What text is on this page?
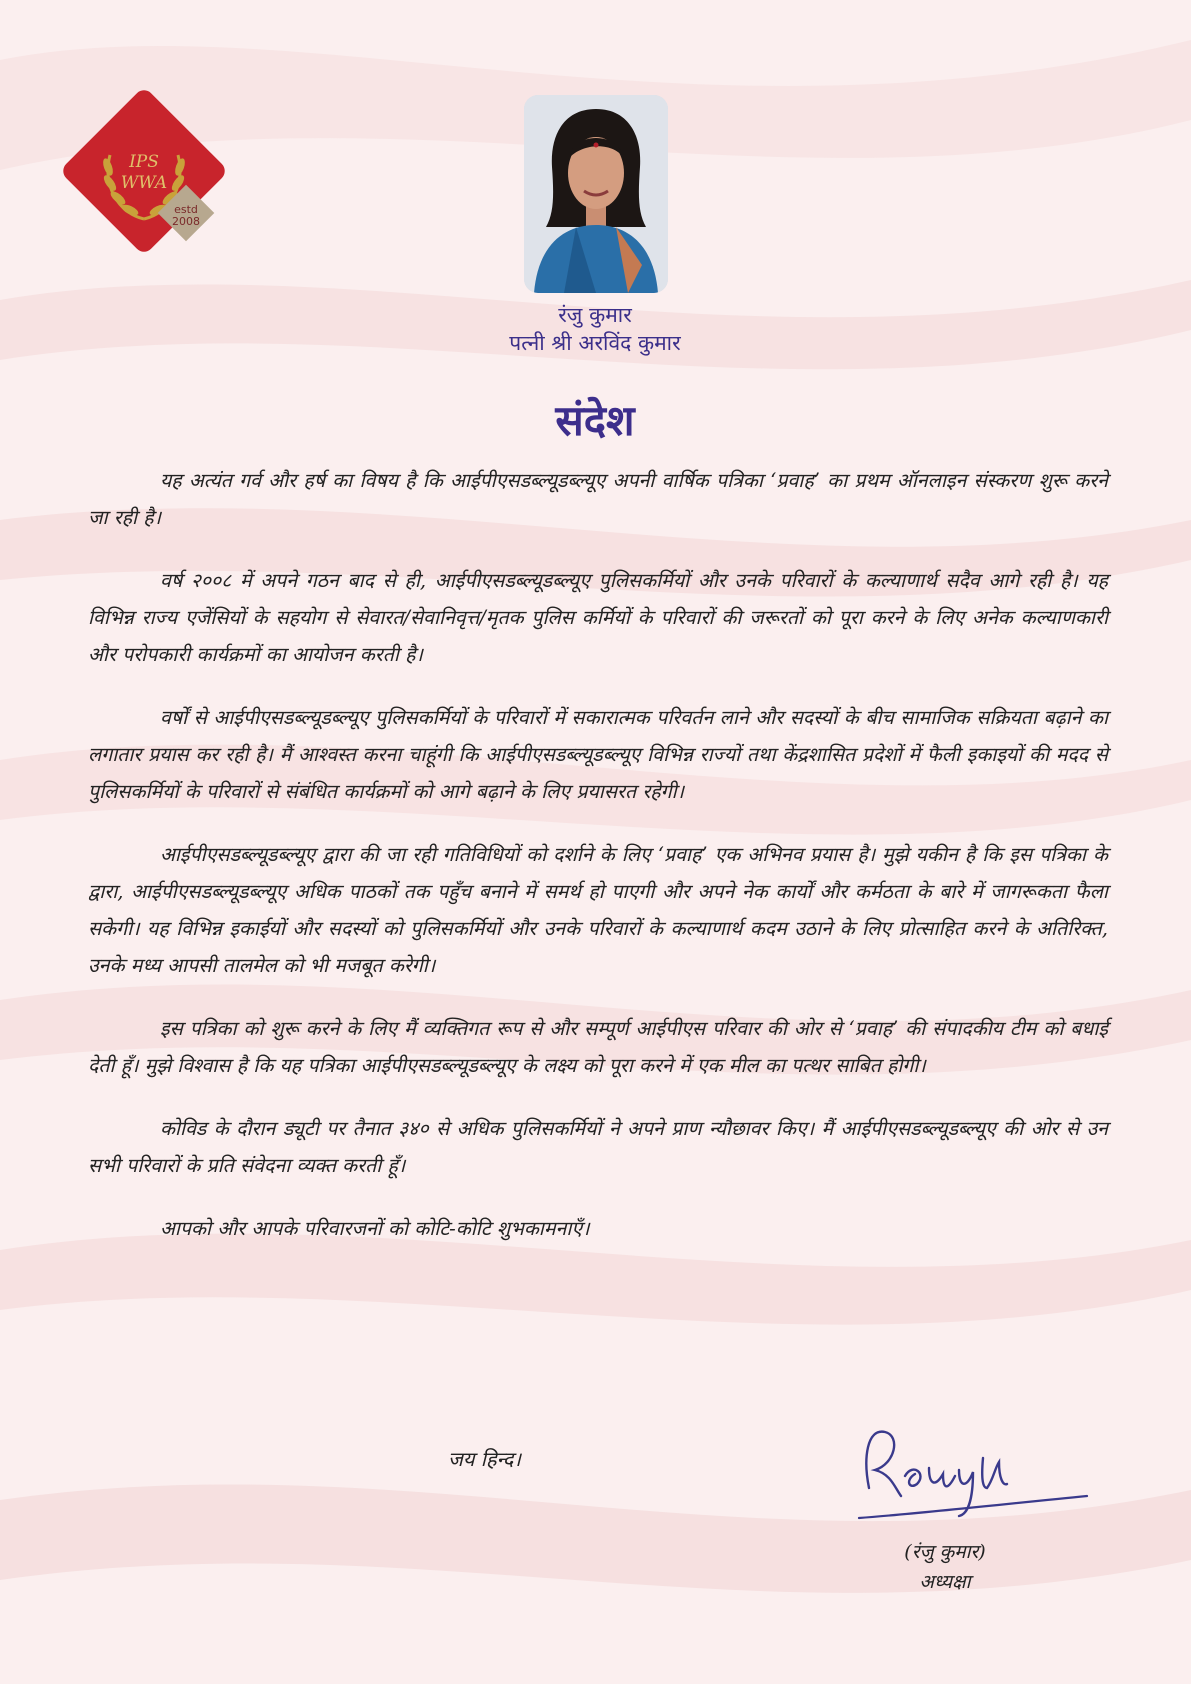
IPS
WWA
estd
2008
रंजु कुमार
पत्नी श्री अरविंद कुमार
संदेश

यह अत्यंत गर्व और हर्ष का विषय है कि आईपीएसडब्ल्यूडब्ल्यूए अपनी वार्षिक पत्रिका ‘प्रवाह’ का प्रथम ऑनलाइन संस्करण शुरू करने जा रही है।

वर्ष २००८ में अपने गठन बाद से ही, आईपीएसडब्ल्यूडब्ल्यूए पुलिसकर्मियों और उनके परिवारों के कल्याणार्थ सदैव आगे रही है। यह विभिन्न राज्य एजेंसियों के सहयोग से सेवारत/सेवानिवृत्त/मृतक पुलिस कर्मियों के परिवारों की जरूरतों को पूरा करने के लिए अनेक कल्याणकारी और परोपकारी कार्यक्रमों का आयोजन करती है।

वर्षों से आईपीएसडब्ल्यूडब्ल्यूए पुलिसकर्मियों के परिवारों में सकारात्मक परिवर्तन लाने और सदस्यों के बीच सामाजिक सक्रियता बढ़ाने का लगातार प्रयास कर रही है। मैं आश्वस्त करना चाहूंगी कि आईपीएसडब्ल्यूडब्ल्यूए विभिन्न राज्यों तथा केंद्रशासित प्रदेशों में फैली इकाइयों की मदद से पुलिसकर्मियों के परिवारों से संबंधित कार्यक्रमों को आगे बढ़ाने के लिए प्रयासरत रहेगी।

आईपीएसडब्ल्यूडब्ल्यूए द्वारा की जा रही गतिविधियों को दर्शाने के लिए ‘प्रवाह’ एक अभिनव प्रयास है। मुझे यकीन है कि इस पत्रिका के द्वारा, आईपीएसडब्ल्यूडब्ल्यूए अधिक पाठकों तक पहुँच बनाने में समर्थ हो पाएगी और अपने नेक कार्यों और कर्मठता के बारे में जागरूकता फैला सकेगी। यह विभिन्न इकाईयों और सदस्यों को पुलिसकर्मियों और उनके परिवारों के कल्याणार्थ कदम उठाने के लिए प्रोत्साहित करने के अतिरिक्त, उनके मध्य आपसी तालमेल को भी मजबूत करेगी।

इस पत्रिका को शुरू करने के लिए मैं व्यक्तिगत रूप से और सम्पूर्ण आईपीएस परिवार की ओर से ‘प्रवाह’ की संपादकीय टीम को बधाई देती हूँ। मुझे विश्वास है कि यह पत्रिका आईपीएसडब्ल्यूडब्ल्यूए के लक्ष्य को पूरा करने में एक मील का पत्थर साबित होगी।

कोविड के दौरान ड्यूटी पर तैनात ३४० से अधिक पुलिसकर्मियों ने अपने प्राण न्यौछावर किए। मैं आईपीएसडब्ल्यूडब्ल्यूए की ओर से उन सभी परिवारों के प्रति संवेदना व्यक्त करती हूँ।

आपको और आपके परिवारजनों को कोटि-कोटि शुभकामनाएँ।

जय हिन्द।
(रंजु कुमार)
अध्यक्षा
